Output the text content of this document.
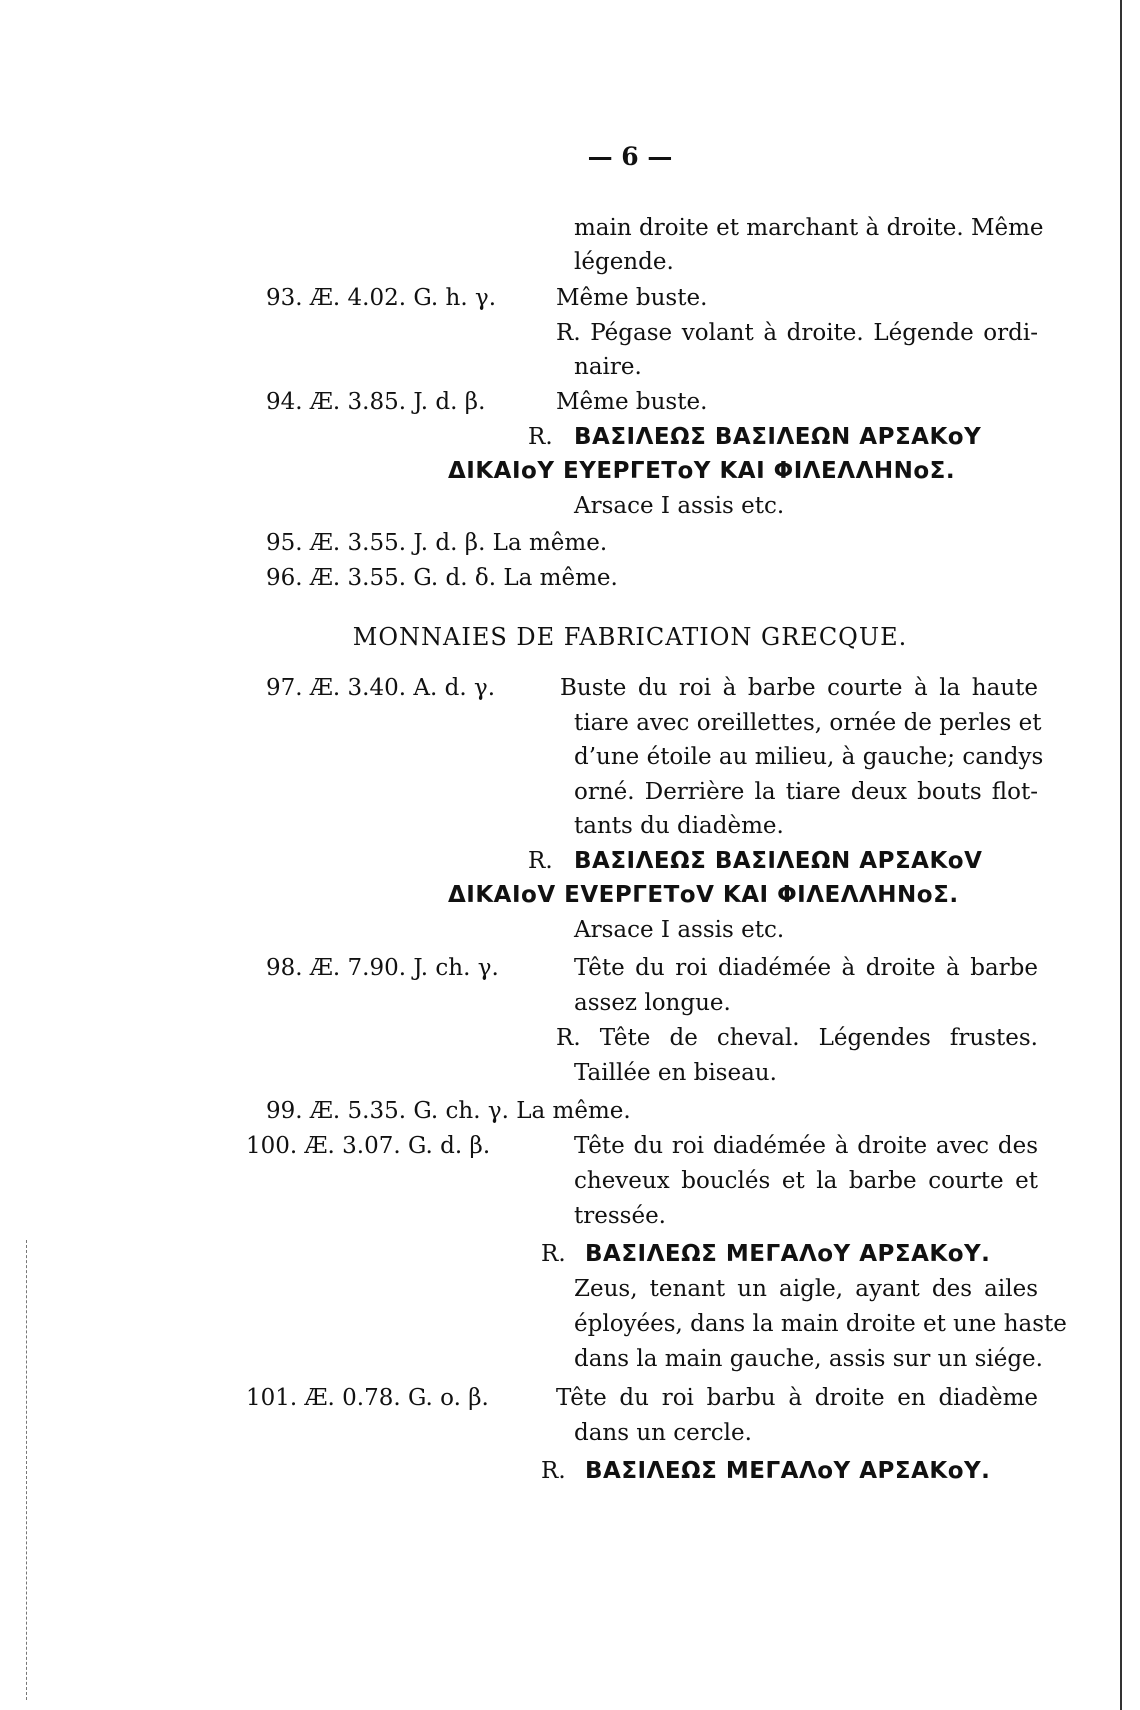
— 6 —
main droite et marchant à droite. Même
légende.
93. Æ. 4.02. G. h. γ.	Même buste.
R. Pégase volant à droite. Légende ordi-
naire.
94. Æ. 3.85. J. d. β.	Même buste.
R. ΒΑΣΙΛΕΩΣ ΒΑΣΙΛΕΩΝ ΑΡΣΑΚοΥ
ΔΙΚΑΙοΥ ΕΥΕΡΓΕΤοΥ ΚΑΙ ΦΙΛΕΛΛΗΝοΣ.
Arsace I assis etc.
95. Æ. 3.55. J. d. β. La même.
96. Æ. 3.55. G. d. δ. La même.
MONNAIES DE FABRICATION GRECQUE.
97. Æ. 3.40. A. d. γ.	Buste du roi à barbe courte à la haute
tiare avec oreillettes, ornée de perles et
d’une étoile au milieu, à gauche; candys
orné. Derrière la tiare deux bouts flot-
tants du diadème.
R. ΒΑΣΙΛΕΩΣ ΒΑΣΙΛΕΩΝ ΑΡΣΑΚοV
ΔΙΚΑΙοV ΕVΕΡΓΕΤοV ΚΑΙ ΦΙΛΕΛΛΗΝοΣ.
Arsace I assis etc.
98. Æ. 7.90. J. ch. γ.	Tête du roi diadémée à droite à barbe
assez longue.
R. Tête de cheval. Légendes frustes.
Taillée en biseau.
99. Æ. 5.35. G. ch. γ. La même.
100. Æ. 3.07. G. d. β.	Tête du roi diadémée à droite avec des
cheveux bouclés et la barbe courte et
tressée.
R. ΒΑΣΙΛΕΩΣ ΜΕΓΑΛοΥ ΑΡΣΑΚοΥ.
Zeus, tenant un aigle, ayant des ailes
éployées, dans la main droite et une haste
dans la main gauche, assis sur un siége.
101. Æ. 0.78. G. o. β.	Tête du roi barbu à droite en diadème
dans un cercle.
R. ΒΑΣΙΛΕΩΣ ΜΕΓΑΛοΥ ΑΡΣΑΚοΥ.
